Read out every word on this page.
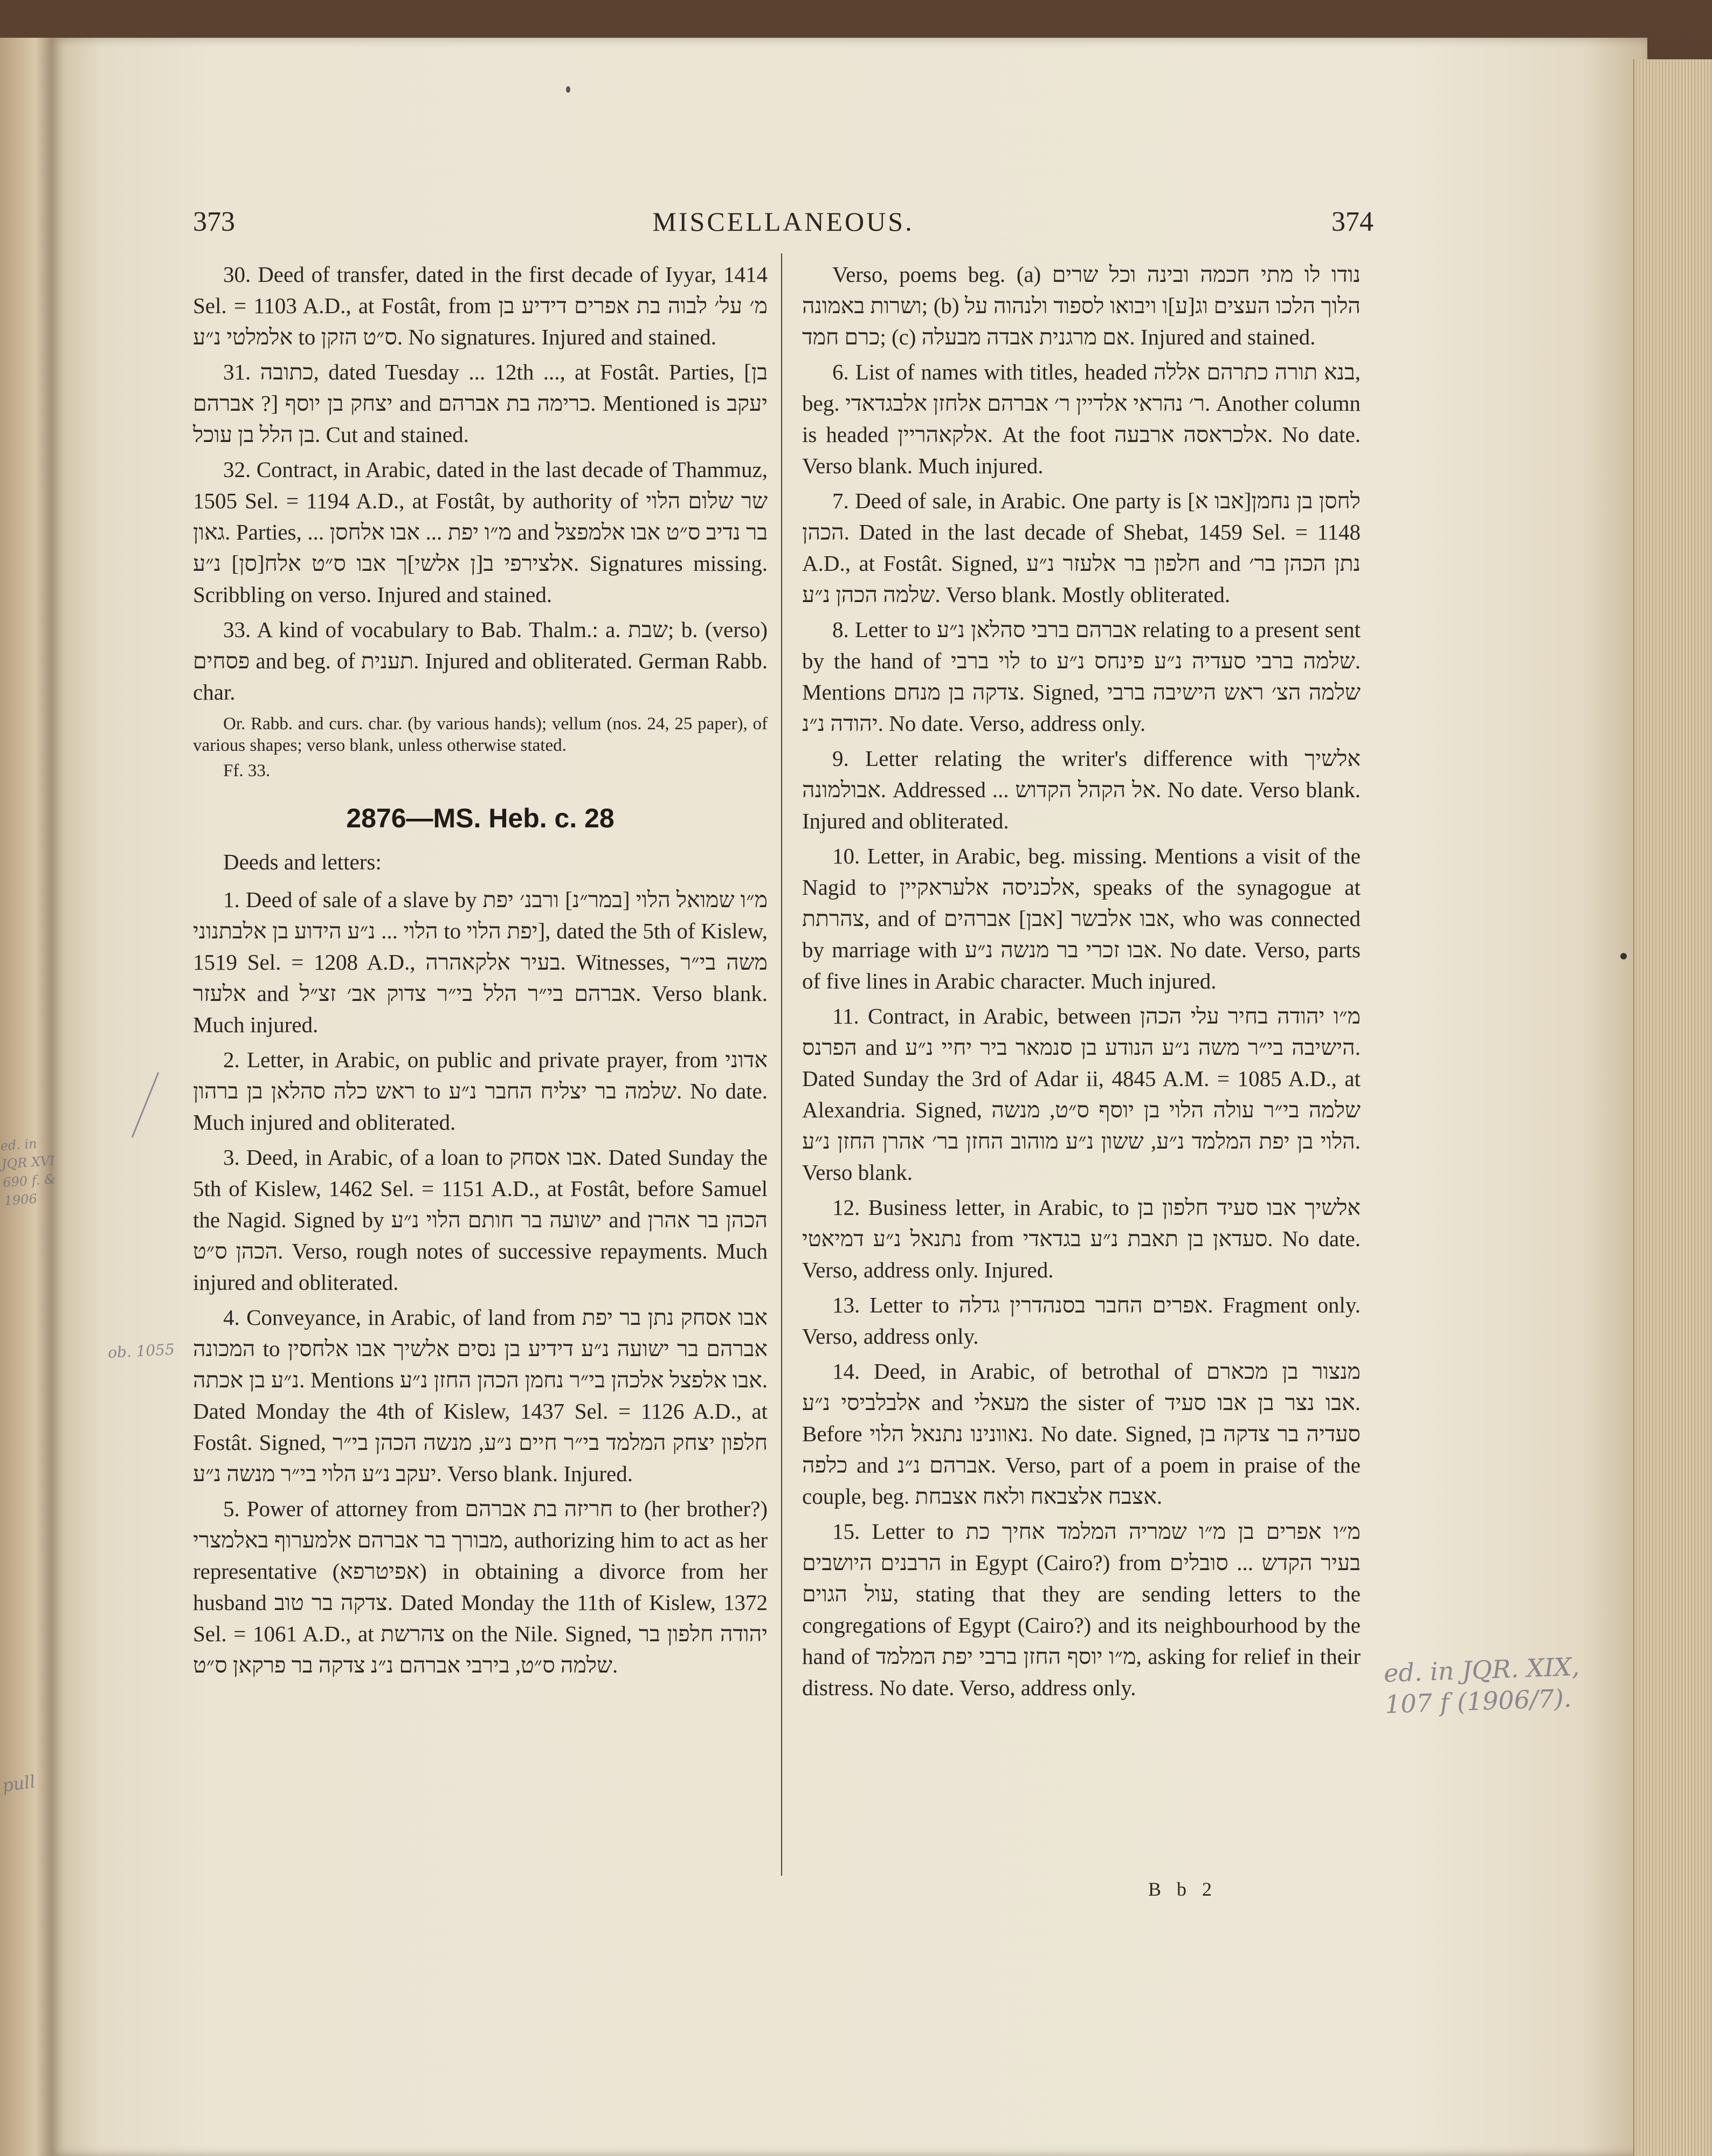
373	MISCELLANEOUS.	374

30. Deed of transfer, dated in the first decade of Iyyar, 1414 Sel. = 1103 A.D., at Fostât, from מ׳ על׳ לבוה בת אפרים דידיע בן אלמלטי נ״ע to ס״ט הזקן. No signatures. Injured and stained.

31. כתובה, dated Tuesday ... 12th ..., at Fostât. Parties, [בן אברהם ?] יצחק בן יוסף and כרימה בת אברהם. Mentioned is יעקב בן הלל בן עוכל. Cut and stained.

32. Contract, in Arabic, dated in the last decade of Thammuz, 1505 Sel. = 1194 A.D., at Fostât, by authority of שר שלום הלוי גאון. Parties, ... מ״ו יפת ... אבו אלחסן and בר נדיב ס״ט אבו אלמפצל אלצירפי ב[ן אלשי]ך אבו ס״ט אלח[סן] נ״ע. Signatures missing. Scribbling on verso. Injured and stained.

33. A kind of vocabulary to Bab. Thalm.: a. שבת; b. (verso) פסחים and beg. of תענית. Injured and obliterated. German Rabb. char.

Or. Rabb. and curs. char. (by various hands); vellum (nos. 24, 25 paper), of various shapes; verso blank, unless otherwise stated.

Ff. 33.

2876—MS. Heb. c. 28

Deeds and letters:

1. Deed of sale of a slave by מ״ו שמואל הלוי [במר״נ] ורבנ׳ יפת הלוי ... נ״ע הידוע בן אלבתנוני to יפת הלוי], dated the 5th of Kislew, 1519 Sel. = 1208 A.D., בעיר אלקאהרה. Witnesses, משה בי״ר אלעזר and אברהם בי״ר הלל בי״ר צדוק אב׳ זצ״ל. Verso blank. Much injured.

2. Letter, in Arabic, on public and private prayer, from אדוני ראש כלה סהלאן בן ברהון to שלמה בר יצליח החבר נ״ע. No date. Much injured and obliterated.

3. Deed, in Arabic, of a loan to אבו אסחק. Dated Sunday the 5th of Kislew, 1462 Sel. = 1151 A.D., at Fostât, before Samuel the Nagid. Signed by ישועה בר חותם הלוי נ״ע and הכהן בר אהרן הכהן ס״ט. Verso, rough notes of successive repayments. Much injured and obliterated.

4. Conveyance, in Arabic, of land from אבו אסחק נתן בר יפת המכונה to אברהם בר ישועה נ״ע דידיע בן נסים אלשיך אבו אלחסין נ״ע בן אכתה. Mentions אבו אלפצל אלכהן בי״ר נחמן הכהן החזן נ״ע. Dated Monday the 4th of Kislew, 1437 Sel. = 1126 A.D., at Fostât. Signed, חלפון יצחק המלמד בי״ר חיים נ״ע, מנשה הכהן בי״ר יעקב נ״ע הלוי בי״ר מנשה נ״ע. Verso blank. Injured.

5. Power of attorney from חריזה בת אברהם to (her brother?) מבורך בר אברהם אלמערוף באלמצרי, authorizing him to act as her representative (אפיטרפא) in obtaining a divorce from her husband צדקה בר טוב. Dated Monday the 11th of Kislew, 1372 Sel. = 1061 A.D., at צהרשת on the Nile. Signed, יהודה חלפון בר שלמה ס״ט, בירבי אברהם נ״נ צדקה בר פרקאן ס״ט.

Verso, poems beg. (a) נודו לו מתי חכמה ובינה וכל שרים ושרות באמונה; (b) הלוך הלכו העצים וג[ע]ו ויבואו לספוד ולנהוה על כרם חמד; (c) אם מרגנית אבדה מבעלה. Injured and stained.

6. List of names with titles, headed בנא תורה כתרהם אללה, beg. ר׳ נהראי אלדיין ר׳ אברהם אלחזן אלבגדאדי. Another column is headed אלקאהריין. At the foot אלכראסה ארבעה. No date. Verso blank. Much injured.

7. Deed of sale, in Arabic. One party is [אבו א]לחסן בן נחמן הכהן. Dated in the last decade of Shebat, 1459 Sel. = 1148 A.D., at Fostât. Signed, חלפון בר אלעזר נ״ע and נתן הכהן בר׳ שלמה הכהן נ״ע. Verso blank. Mostly obliterated.

8. Letter to אברהם ברבי סהלאן נ״ע relating to a present sent by the hand of לוי ברבי to שלמה ברבי סעדיה נ״ע פינחס נ״ע. Mentions צדקה בן מנחם. Signed, שלמה הצ׳ ראש הישיבה ברבי יהודה נ״נ. No date. Verso, address only.

9. Letter relating the writer's difference with אלשיך אבולמונה. Addressed ... אל הקהל הקדוש. No date. Verso blank. Injured and obliterated.

10. Letter, in Arabic, beg. missing. Mentions a visit of the Nagid to אלכניסה אלעראקיין, speaks of the synagogue at צהרתת, and of אבו אלבשר [אבן] אברהים, who was connected by marriage with אבו זכרי בר מנשה נ״ע. No date. Verso, parts of five lines in Arabic character. Much injured.

11. Contract, in Arabic, between מ״ו יהודה בחיר עלי הכהן הפרנס and הישיבה בי״ר משה נ״ע הנודע בן סנמאר ביר יחיי נ״ע. Dated Sunday the 3rd of Adar ii, 4845 A.M. = 1085 A.D., at Alexandria. Signed, שלמה בי״ר עולה הלוי בן יוסף ס״ט, מנשה הלוי בן יפת המלמד נ״ע, ששון נ״ע מוהוב החזן בר׳ אהרן החזן נ״ע. Verso blank.

12. Business letter, in Arabic, to אלשיך אבו סעיד חלפון בן נתנאל נ״ע דמיאטי from סעדאן בן תאבת נ״ע בגדאדי. No date. Verso, address only. Injured.

13. Letter to אפרים החבר בסנהדרין גדלה. Fragment only. Verso, address only.

14. Deed, in Arabic, of betrothal of מנצור בן מכארם אלבלביסי נ״ע and מעאלי the sister of אבו נצר בן אבו סעיד. Before נאוונינו נתנאל הלוי. No date. Signed, סעדיה בר צדקה בן כלפה and אברהם נ״נ. Verso, part of a poem in praise of the couple, beg. אצבח אלצבאח ולאח אצבחת.

15. Letter to מ״ו אפרים בן מ״ו שמריה המלמד אחיך כת הרבנים היושבים in Egypt (Cairo?) from בעיר הקדש ... סובלים עול הגוים, stating that they are sending letters to the congregations of Egypt (Cairo?) and its neighbourhood by the hand of מ״ו יוסף החזן ברבי יפת המלמד, asking for relief in their distress. No date. Verso, address only.

B b 2
ed. in JQR XVI 690 f. & 1906
ob. 1055
pull
ed. in JQR. XIX, 107 f (1906/7).
